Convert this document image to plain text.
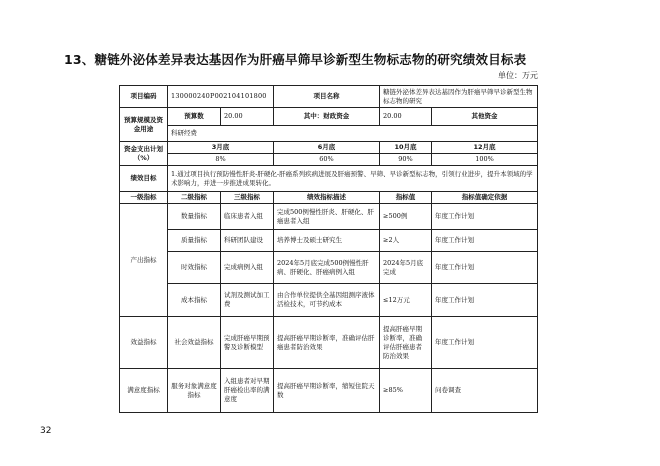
13、糖链外泌体差异表达基因作为肝癌早筛早诊新型生物标志物的研究绩效目标表
单位：万元
项目编码	130000240P002104101800		项目名称	糖链外泌体差异表达基因作为肝癌早筛早诊新型生物标志物的研究	
预算规模及资金用途	预算数	20.00	其中：财政资金	20.00	其他资金
	科研经费				
资金支出计划（%）	3月底		6月底	10月底	12月底
	8%		60%	90%	100%
绩效目标	1.通过项目执行预防慢性肝炎-肝硬化-肝癌系列疾病进展及肝癌预警、早筛、早诊新型标志物，引领行业进步，提升本领域的学术影响力，并进一步推进成果转化。				
一级指标	二级指标	三级指标	绩效指标描述	指标值	指标值确定依据
产出指标	数量指标	临床患者入组	完成500例慢性肝炎、肝硬化、肝癌患者入组	≥500例	年度工作计划
	质量指标	科研团队建设	培养博士及硕士研究生	≥2人	年度工作计划
	时效指标	完成病例入组	2024年5月底完成500例慢性肝病、肝硬化、肝癌病例入组	2024年5月底完成	年度工作计划
	成本指标	试剂及测试加工费	由合作单位提供全基因组测序液体活检技术，可节约成本	≤12万元	年度工作计划
效益指标	社会效益指标	完成肝癌早期预警及诊断模型	提高肝癌早期诊断率，准确评估肝癌患者防治效果	提高肝癌早期诊断率，准确评估肝癌患者防治效果	年度工作计划
满意度指标	服务对象满意度指标	入组患者对早期肝癌检出率的满意度	提高肝癌早期诊断率，缩短住院天数	≥85%	问卷调查
32
